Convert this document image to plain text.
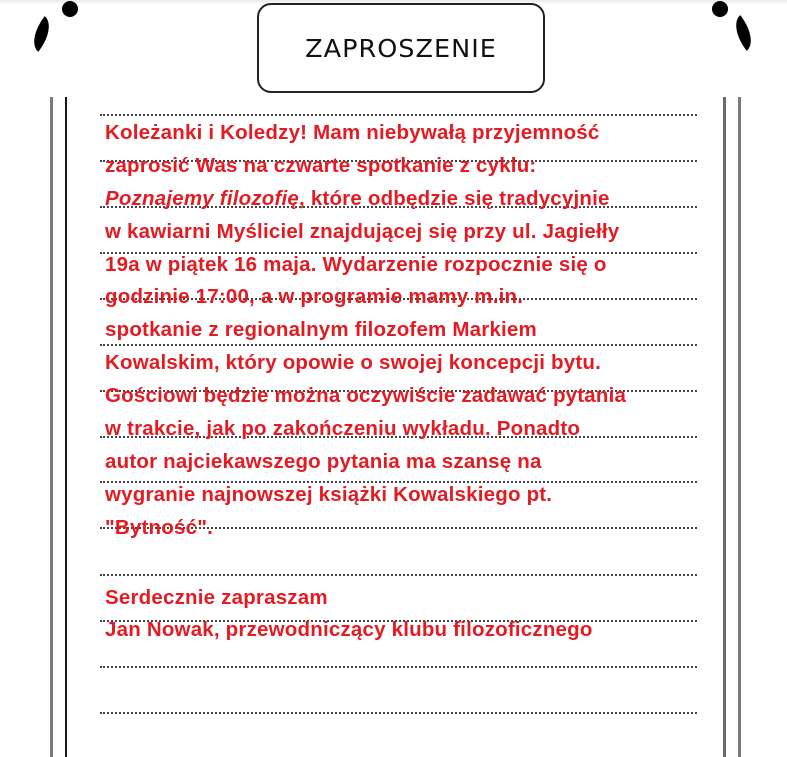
ZAPROSZENIE
Koleżanki i Koledzy! Mam niebywałą przyjemność
zaprosić Was na czwarte spotkanie z cyklu:
Poznajemy filozofię, które odbędzie się tradycyjnie
w kawiarni Myśliciel znajdującej się przy ul. Jagiełły
19a w piątek 16 maja. Wydarzenie rozpocznie się o
godzinie 17:00, a w programie mamy m.in.
spotkanie z regionalnym filozofem Markiem
Kowalskim, który opowie o swojej koncepcji bytu.
Gościowi będzie można oczywiście zadawać pytania
w trakcie, jak po zakończeniu wykładu. Ponadto
autor najciekawszego pytania ma szansę na
wygranie najnowszej książki Kowalskiego pt.
"Bytność".
Serdecznie zapraszam
Jan Nowak, przewodniczący klubu filozoficznego
